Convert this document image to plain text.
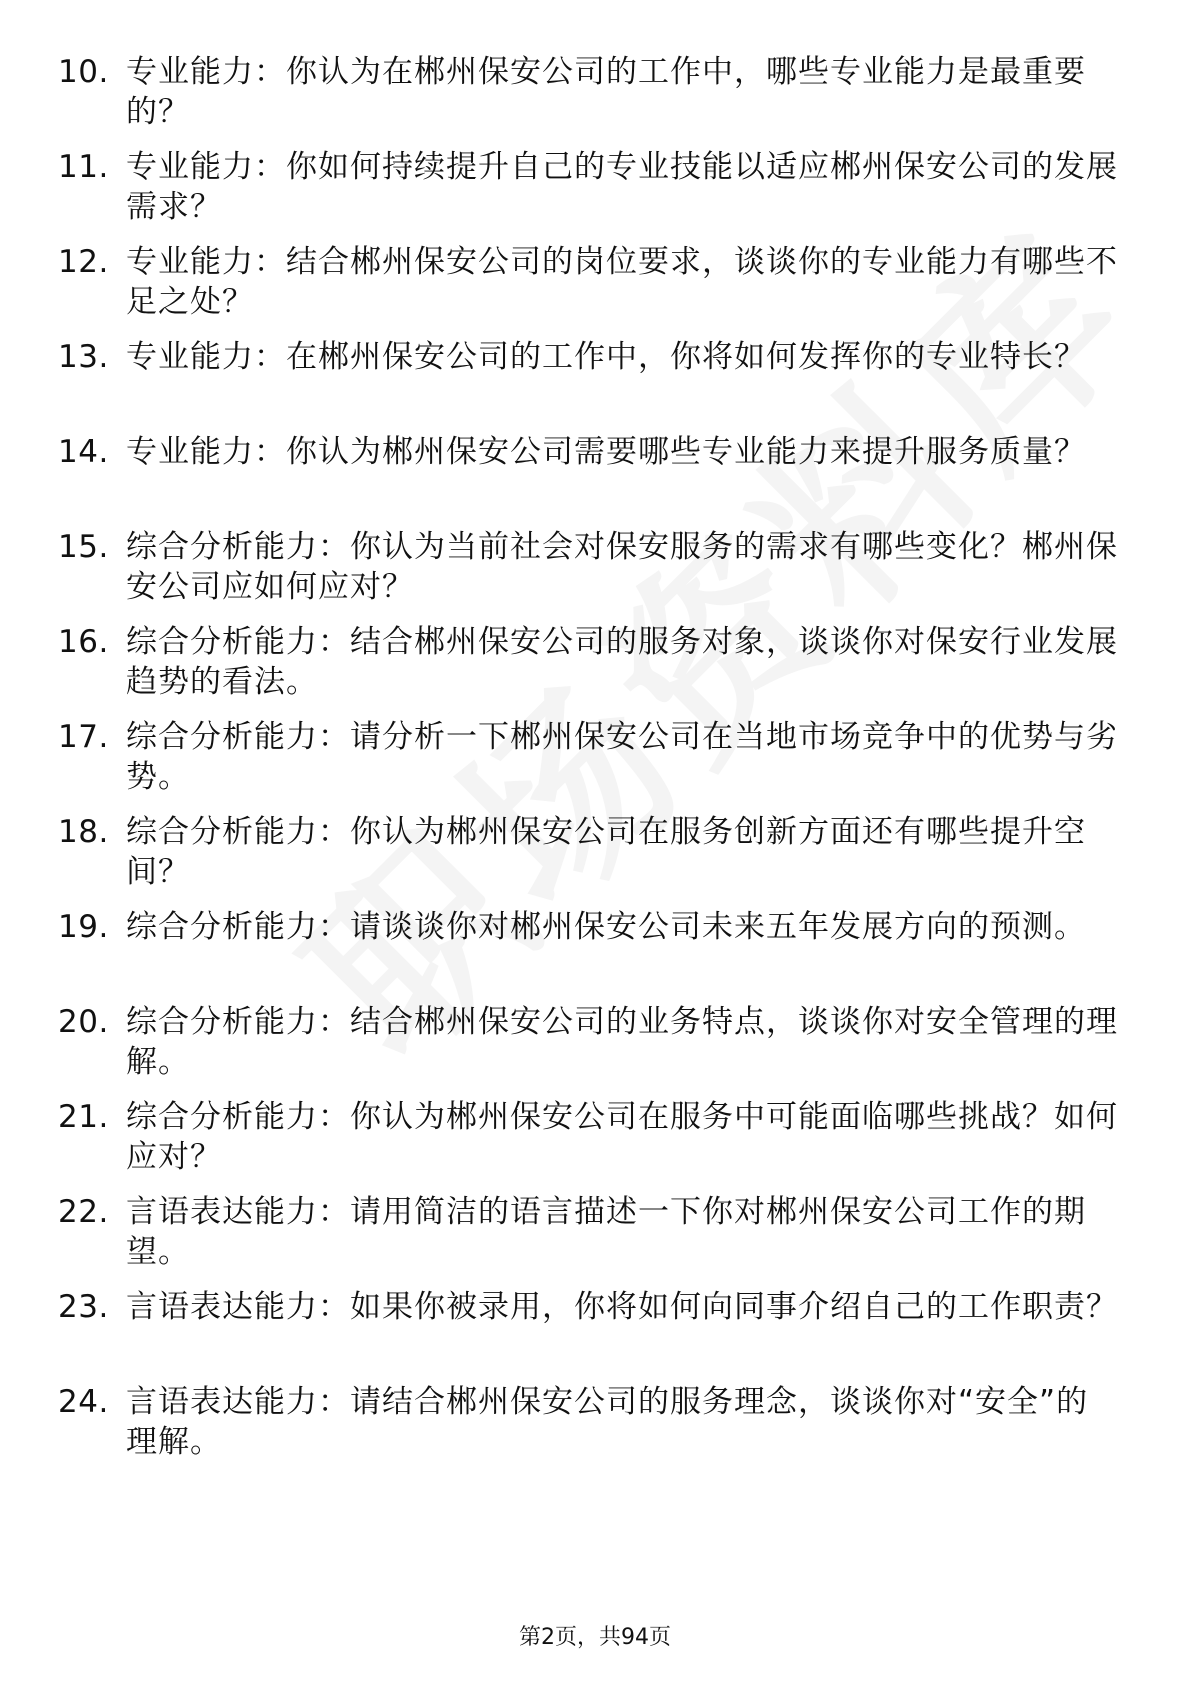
10. 专业能力：你认为在郴州保安公司的工作中，哪些专业能力是最重要的？
11. 专业能力：你如何持续提升自己的专业技能以适应郴州保安公司的发展需求？
12. 专业能力：结合郴州保安公司的岗位要求，谈谈你的专业能力有哪些不足之处？
13. 专业能力：在郴州保安公司的工作中，你将如何发挥你的专业特长？
14. 专业能力：你认为郴州保安公司需要哪些专业能力来提升服务质量？
15. 综合分析能力：你认为当前社会对保安服务的需求有哪些变化？郴州保安公司应如何应对？
16. 综合分析能力：结合郴州保安公司的服务对象，谈谈你对保安行业发展趋势的看法。
17. 综合分析能力：请分析一下郴州保安公司在当地市场竞争中的优势与劣势。
18. 综合分析能力：你认为郴州保安公司在服务创新方面还有哪些提升空间？
19. 综合分析能力：请谈谈你对郴州保安公司未来五年发展方向的预测。
20. 综合分析能力：结合郴州保安公司的业务特点，谈谈你对安全管理的理解。
21. 综合分析能力：你认为郴州保安公司在服务中可能面临哪些挑战？如何应对？
22. 言语表达能力：请用简洁的语言描述一下你对郴州保安公司工作的期望。
23. 言语表达能力：如果你被录用，你将如何向同事介绍自己的工作职责？
24. 言语表达能力：请结合郴州保安公司的服务理念，谈谈你对“安全”的理解。
第2页，共94页
